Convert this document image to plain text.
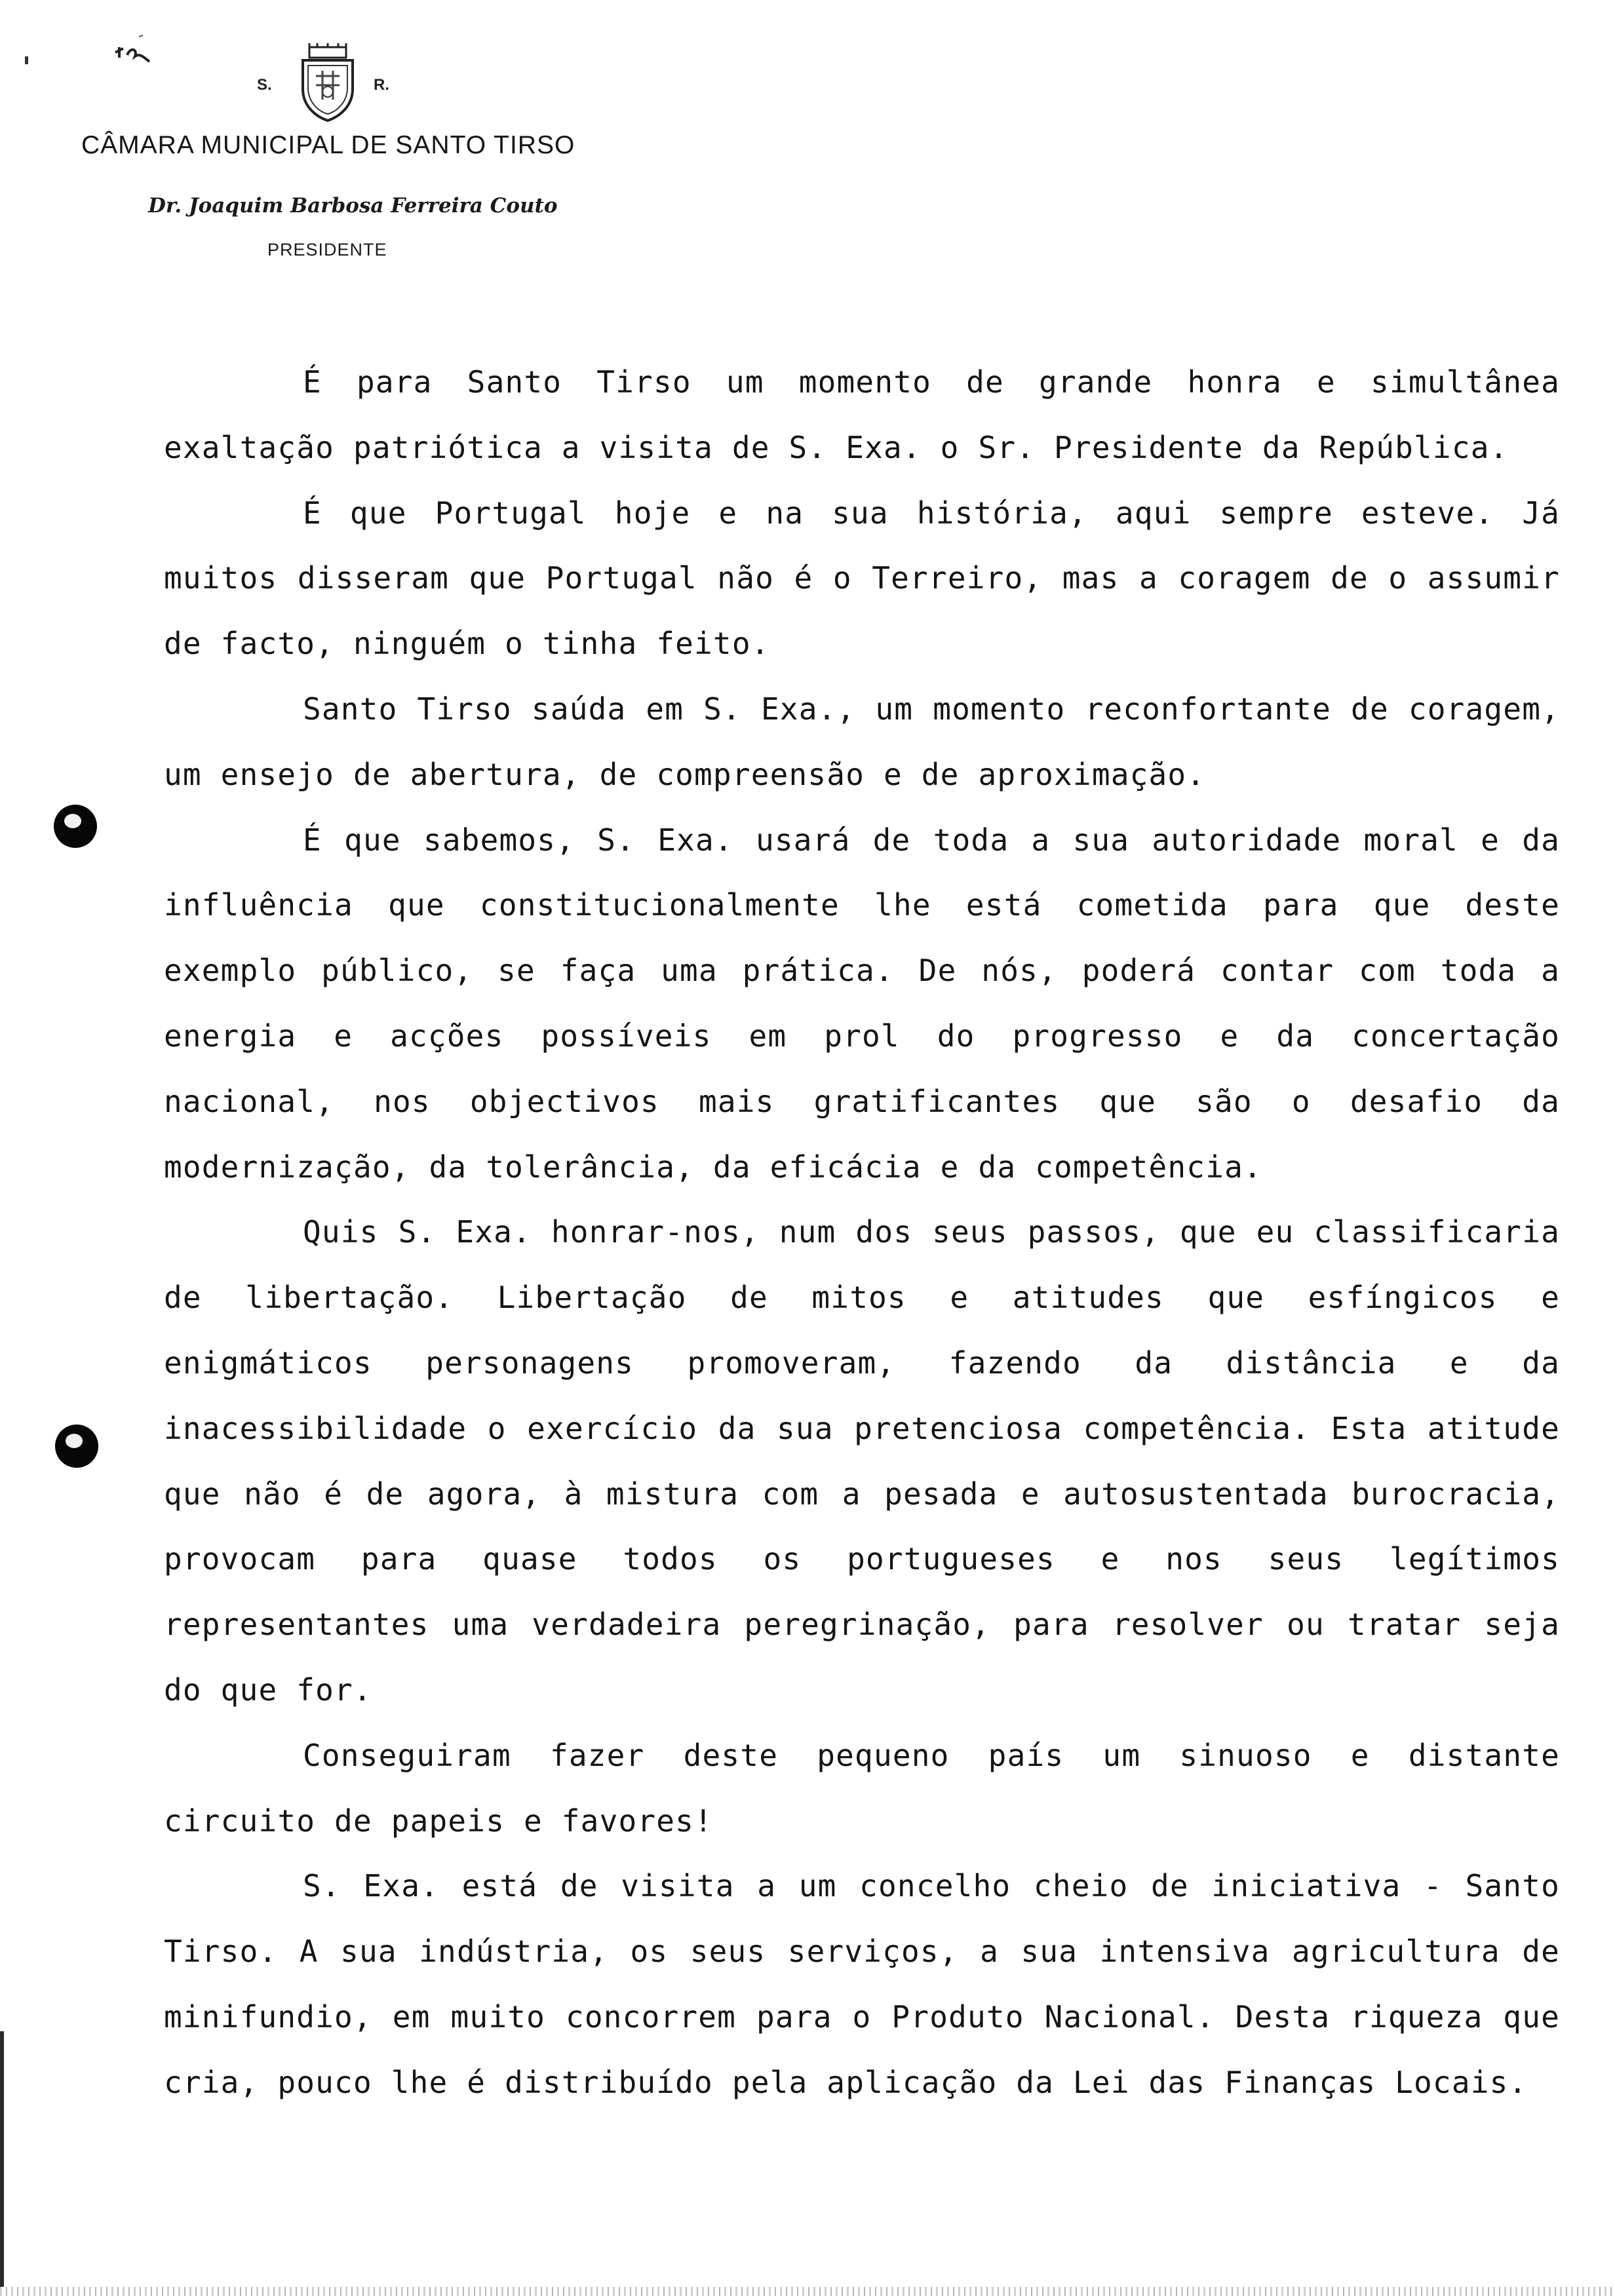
S.	R.
CÂMARA MUNICIPAL DE SANTO TIRSO
Dr. Joaquim Barbosa Ferreira Couto
PRESIDENTE

É para Santo Tirso um momento de grande honra e simultânea exaltação patriótica a visita de S. Exa. o Sr. Presidente da República.

É que Portugal hoje e na sua história, aqui sempre esteve. Já muitos disseram que Portugal não é o Terreiro, mas a coragem de o assumir de facto, ninguém o tinha feito.

Santo Tirso saúda em S. Exa., um momento reconfortante de coragem, um ensejo de abertura, de compreensão e de aproximação.

É que sabemos, S. Exa. usará de toda a sua autoridade moral e da influência que constitucionalmente lhe está cometida para que deste exemplo público, se faça uma prática. De nós, poderá contar com toda a energia e acções possíveis em prol do progresso e da concertação nacional, nos objectivos mais gratificantes que são o desafio da modernização, da tolerância, da eficácia e da competência.

Quis S. Exa. honrar-nos, num dos seus passos, que eu classificaria de libertação. Libertação de mitos e atitudes que esfíngicos e enigmáticos personagens promoveram, fazendo da distância e da inacessibilidade o exercício da sua pretenciosa competência. Esta atitude que não é de agora, à mistura com a pesada e autosustentada burocracia, provocam para quase todos os portugueses e nos seus legítimos representantes uma verdadeira peregrinação, para resolver ou tratar seja do que for.

Conseguiram fazer deste pequeno país um sinuoso e distante circuito de papeis e favores!

S. Exa. está de visita a um concelho cheio de iniciativa - Santo Tirso. A sua indústria, os seus serviços, a sua intensiva agricultura de minifundio, em muito concorrem para o Produto Nacional. Desta riqueza que cria, pouco lhe é distribuído pela aplicação da Lei das Finanças Locais.
